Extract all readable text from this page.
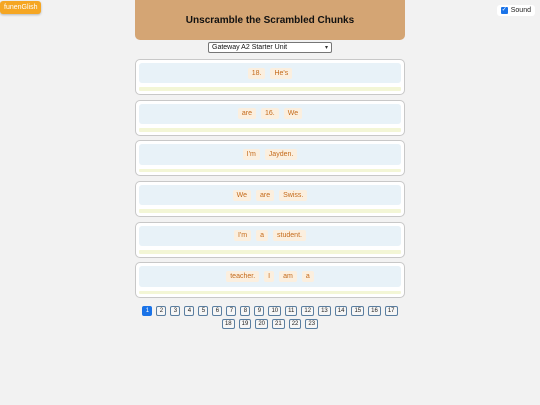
funenGlish	✓ Sound
Unscramble the Scrambled Chunks
Gateway A2 Starter Unit	▾
18.	He's
are	16.	We
I'm	Jayden.
We	are	Swiss.
I'm	a	student.
teacher.	I	am	a
1	2	3	4	5	6	7	8	9	10	11	12	13	14	15	16	17
18	19	20	21	22	23
